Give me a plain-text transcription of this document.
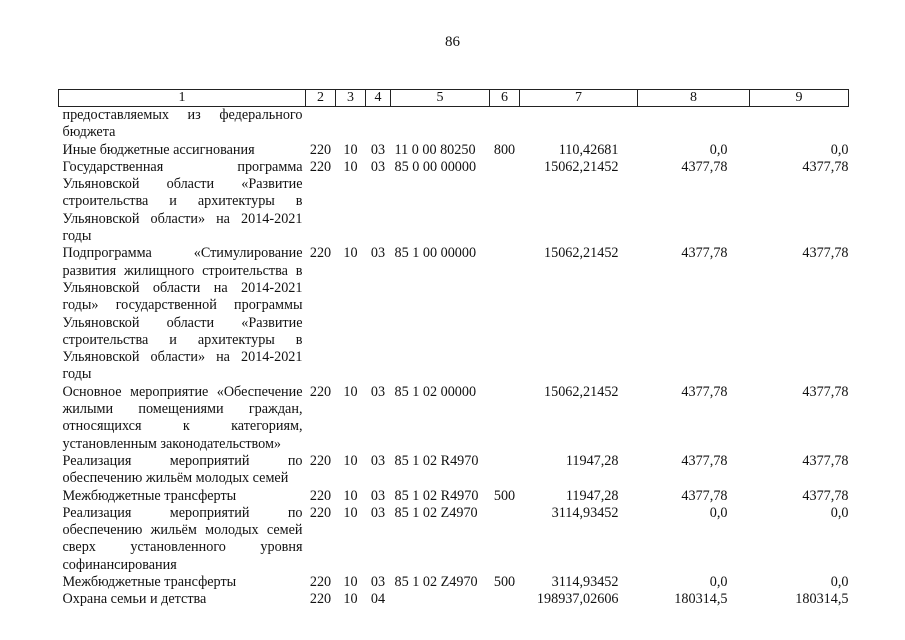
86
1	2	3	4	5	6	7	8	9
предоставляемых из федерального бюджета								
Иные бюджетные ассигнования	220	10	03	11 0 00 80250	800	110,42681	0,0	0,0
Государственная программа Ульяновской области «Развитие строительства и архитектуры в Ульяновской области» на 2014-2021 годы	220	10	03	85 0 00 00000		15062,21452	4377,78	4377,78
Подпрограмма «Стимулирование развития жилищного строительства в Ульяновской области на 2014-2021 годы» государственной программы Ульяновской области «Развитие строительства и архитектуры в Ульяновской области» на 2014-2021 годы	220	10	03	85 1 00 00000		15062,21452	4377,78	4377,78
Основное мероприятие «Обеспечение жилыми помещениями граждан, относящихся к категориям, установленным законодательством»	220	10	03	85 1 02 00000		15062,21452	4377,78	4377,78
Реализация мероприятий по обеспечению жильём молодых семей	220	10	03	85 1 02 R4970		11947,28	4377,78	4377,78
Межбюджетные трансферты	220	10	03	85 1 02 R4970	500	11947,28	4377,78	4377,78
Реализация мероприятий по обеспечению жильём молодых семей сверх установленного уровня софинансирования	220	10	03	85 1 02 Z4970		3114,93452	0,0	0,0
Межбюджетные трансферты	220	10	03	85 1 02 Z4970	500	3114,93452	0,0	0,0
Охрана семьи и детства	220	10	04			198937,02606	180314,5	180314,5
